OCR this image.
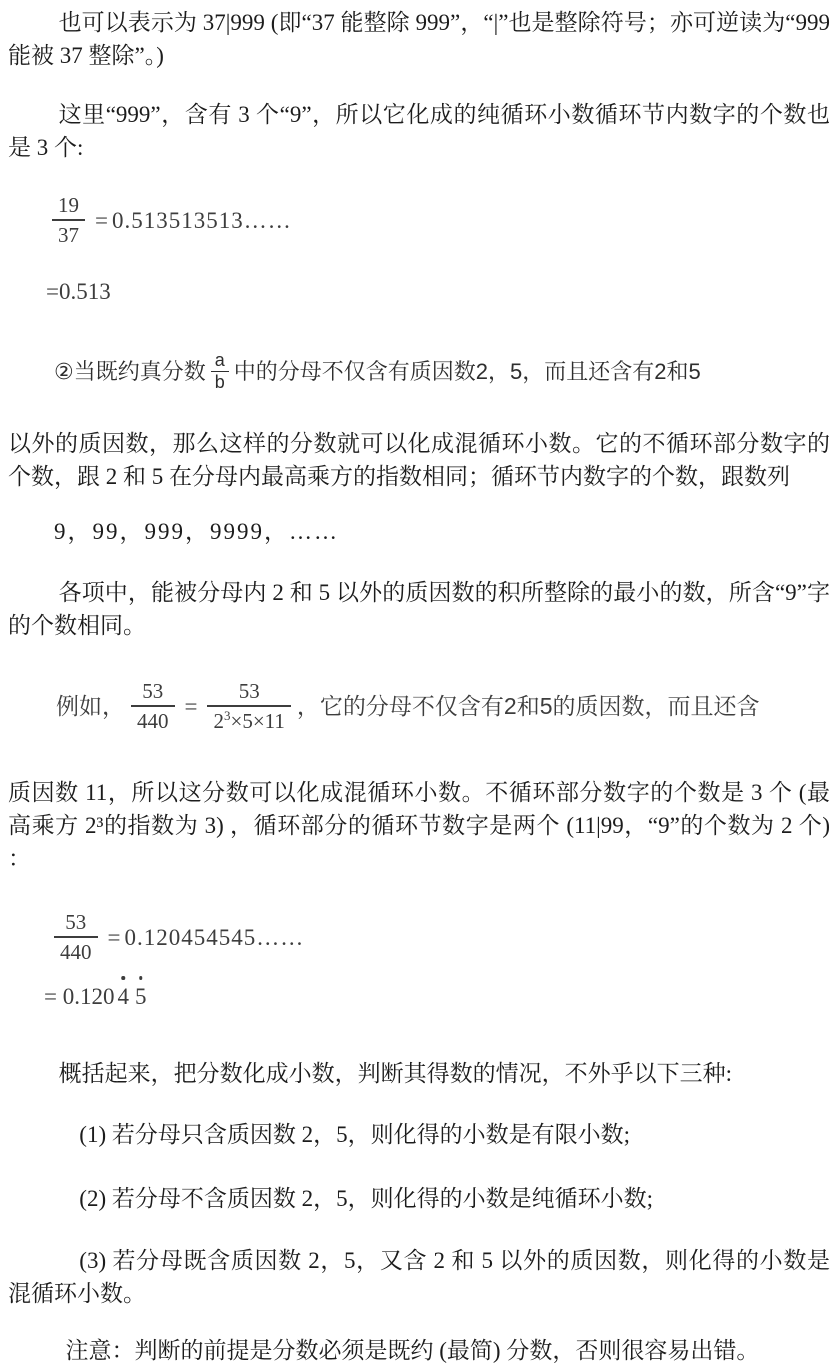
也可以表示为 37|999 (即“37 能整除 999”，“|”也是整除符号；亦可逆读为“999 能被 37 整除”。)

这里“999”，含有 3 个“9”，所以它化成的纯循环小数循环节内数字的个数也是 3 个:

$\frac{19}{37}$ = 0.513513513……

=0.513

②当既约真分数 $\frac{a}{b}$ 中的分母不仅含有质因数2，5，而且还含有2和5

以外的质因数，那么这样的分数就可以化成混循环小数。它的不循环部分数字的个数，跟 2 和 5 在分母内最高乘方的指数相同；循环节内数字的个数，跟数列

9，99，999，9999，……

各项中，能被分母内 2 和 5 以外的质因数的积所整除的最小的数，所含“9”字的个数相同。

例如， $\frac{53}{440} = \frac{53}{2^3\times 5\times 11}$ ，它的分母不仅含有2和5的质因数，而且还含

质因数 11，所以这分数可以化成混循环小数。不循环部分数字的个数是 3 个 (最高乘方 2³的指数为 3) ，循环部分的循环节数字是两个 (11|99，“9”的个数为 2 个) ：

$\frac{53}{440}$ = 0.120454545……

= 0.120 4 5

概括起来，把分数化成小数，判断其得数的情况，不外乎以下三种:

(1) 若分母只含质因数 2，5，则化得的小数是有限小数;

(2) 若分母不含质因数 2，5，则化得的小数是纯循环小数;

(3) 若分母既含质因数 2，5，又含 2 和 5 以外的质因数，则化得的小数是混循环小数。

注意：判断的前提是分数必须是既约 (最简) 分数，否则很容易出错。
